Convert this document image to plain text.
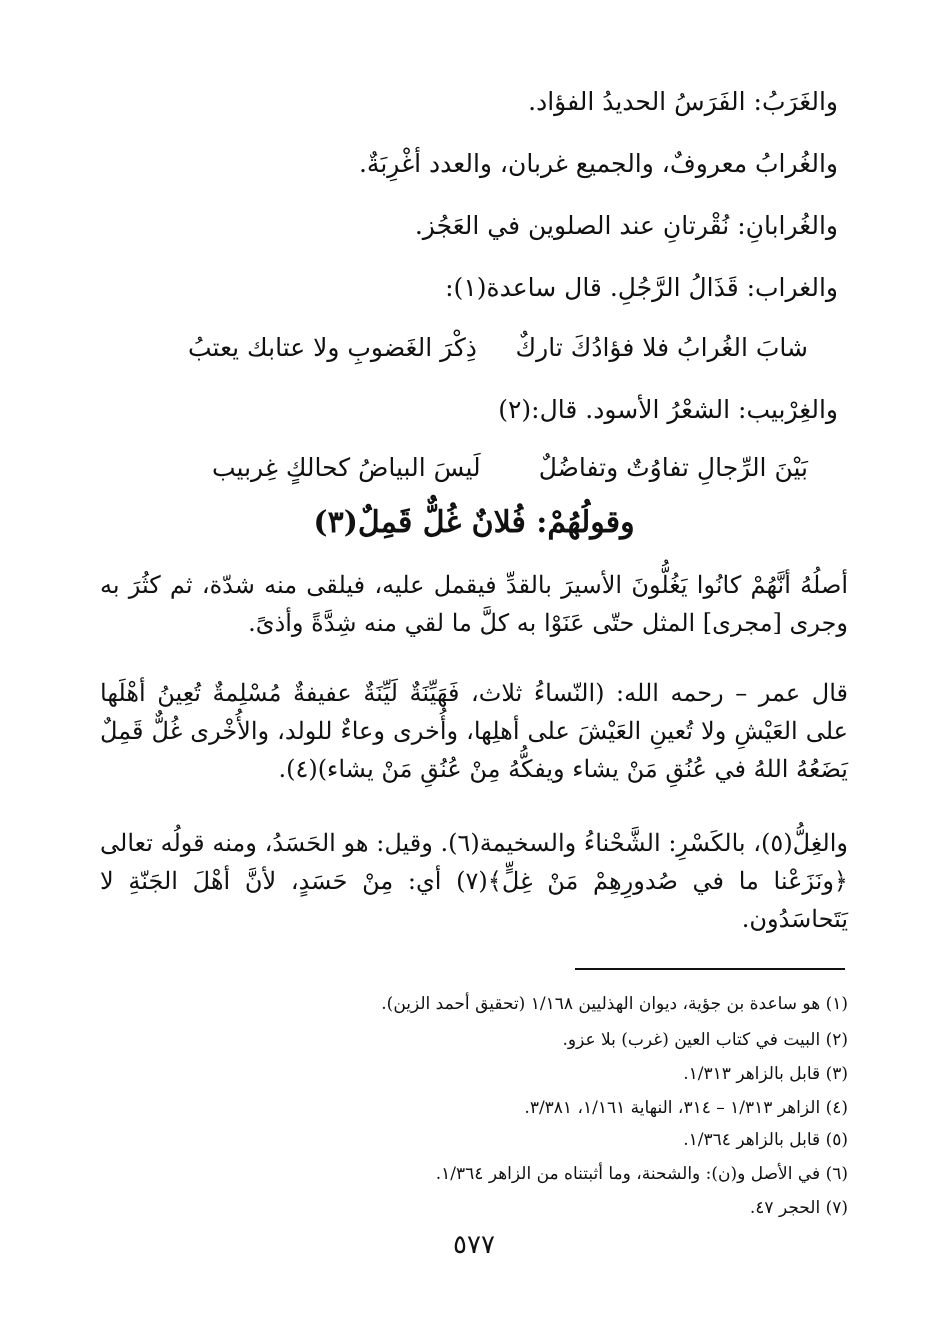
والغَرَبُ: الفَرَسُ الحديدُ الفؤاد.
والغُرابُ معروفٌ، والجميع غربان، والعدد أغْرِبَةٌ.
والغُرابانِ: نُقْرتانِ عند الصلوين في العَجُز.
والغراب: قَذَالُ الرَّجُلِ. قال ساعدة(١):
شابَ الغُرابُ فلا فؤادُكَ تاركٌ
ذِكْرَ الغَضوبِ ولا عتابك يعتبُ
والغِرْبيب: الشعْرُ الأسود. قال:(٢)
بَيْنَ الرِّجالِ تفاوُتٌ وتفاضُلٌ
لَيسَ البياضُ كحالكٍ غِربيب
وقولُهُمْ: فُلانٌ غُلٌّ قَمِلٌ(٣)

أصلُهُ أنَّهُمْ كانُوا يَغُلُّونَ الأسيرَ بالقدِّ فيقمل عليه، فيلقى منه شدّة، ثم كثُرَ به وجرى [مجرى] المثل حتّى عَنَوْا به كلَّ ما لقي منه شِدَّةً وأذىً.

قال عمر – رحمه الله: (النّساءُ ثلاث، فَهَيِّنَةٌ لَيِّنَةٌ عفيفةٌ مُسْلِمةٌ تُعِينُ أهْلَها على العَيْشِ ولا تُعينِ العَيْشَ على أهلِها، وأُخرى وعاءٌ للولد، والأُخْرى غُلٌّ قَمِلٌ يَضَعُهُ اللهُ في عُنُقِ مَنْ يشاء ويفكُّهُ مِنْ عُنُقِ مَنْ يشاء)(٤).

والغِلُّ(٥)، بالكَسْرِ: الشَّحْناءُ والسخيمة(٦). وقيل: هو الحَسَدُ، ومنه قولُه تعالى ﴿ونَزَعْنا ما في صُدورِهِمْ مَنْ غِلٍّ﴾(٧) أي: مِنْ حَسَدٍ، لأنَّ أهْلَ الجَنّةِ لا يَتَحاسَدُون.

(١) هو ساعدة بن جؤية، ديوان الهذليين ١/١٦٨ (تحقيق أحمد الزين).
(٢) البيت في كتاب العين (غرب) بلا عزو.
(٣) قابل بالزاهر ١/٣١٣.
(٤) الزاهر ١/٣١٣ – ٣١٤، النهاية ١/١٦١، ٣/٣٨١.
(٥) قابل بالزاهر ١/٣٦٤.
(٦) في الأصل و(ن): والشحنة، وما أثبتناه من الزاهر ١/٣٦٤.
(٧) الحجر ٤٧.
٥٧٧
